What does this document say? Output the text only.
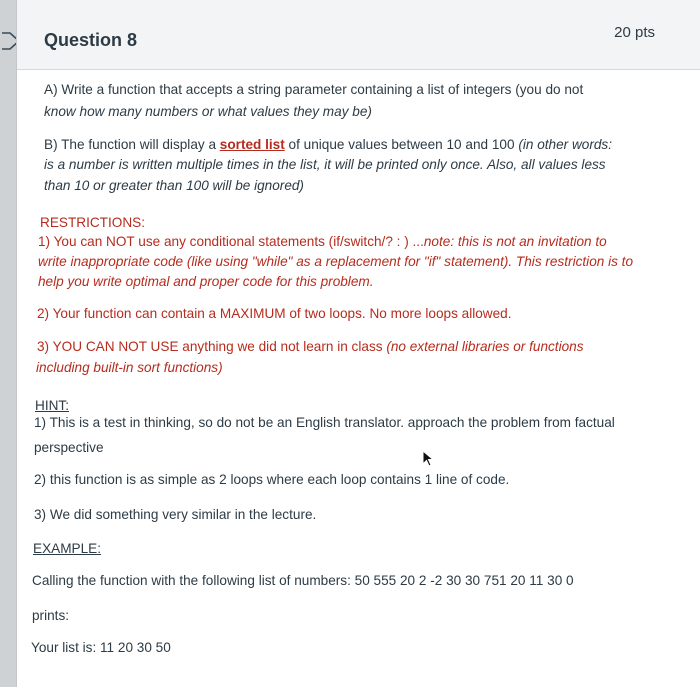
Question 8	20 pts
A) Write a function that accepts a string parameter containing a list of integers (you do not
know how many numbers or what values they may be)
B) The function will display a sorted list of unique values between 10 and 100 (in other words:
is a number is written multiple times in the list, it will be printed only once. Also, all values less
than 10 or greater than 100 will be ignored)
RESTRICTIONS:
1) You can NOT use any conditional statements (if/switch/? : ) ...note: this is not an invitation to
write inappropriate code (like using "while" as a replacement for "if" statement). This restriction is to
help you write optimal and proper code for this problem.
2) Your function can contain a MAXIMUM of two loops. No more loops allowed.
3) YOU CAN NOT USE anything we did not learn in class (no external libraries or functions
including built-in sort functions)
HINT:
1) This is a test in thinking, so do not be an English translator. approach the problem from factual
perspective
2) this function is as simple as 2 loops where each loop contains 1 line of code.
3) We did something very similar in the lecture.
EXAMPLE:
Calling the function with the following list of numbers: 50 555 20 2 -2 30 30 751 20 11 30 0
prints:
Your list is: 11 20 30 50
